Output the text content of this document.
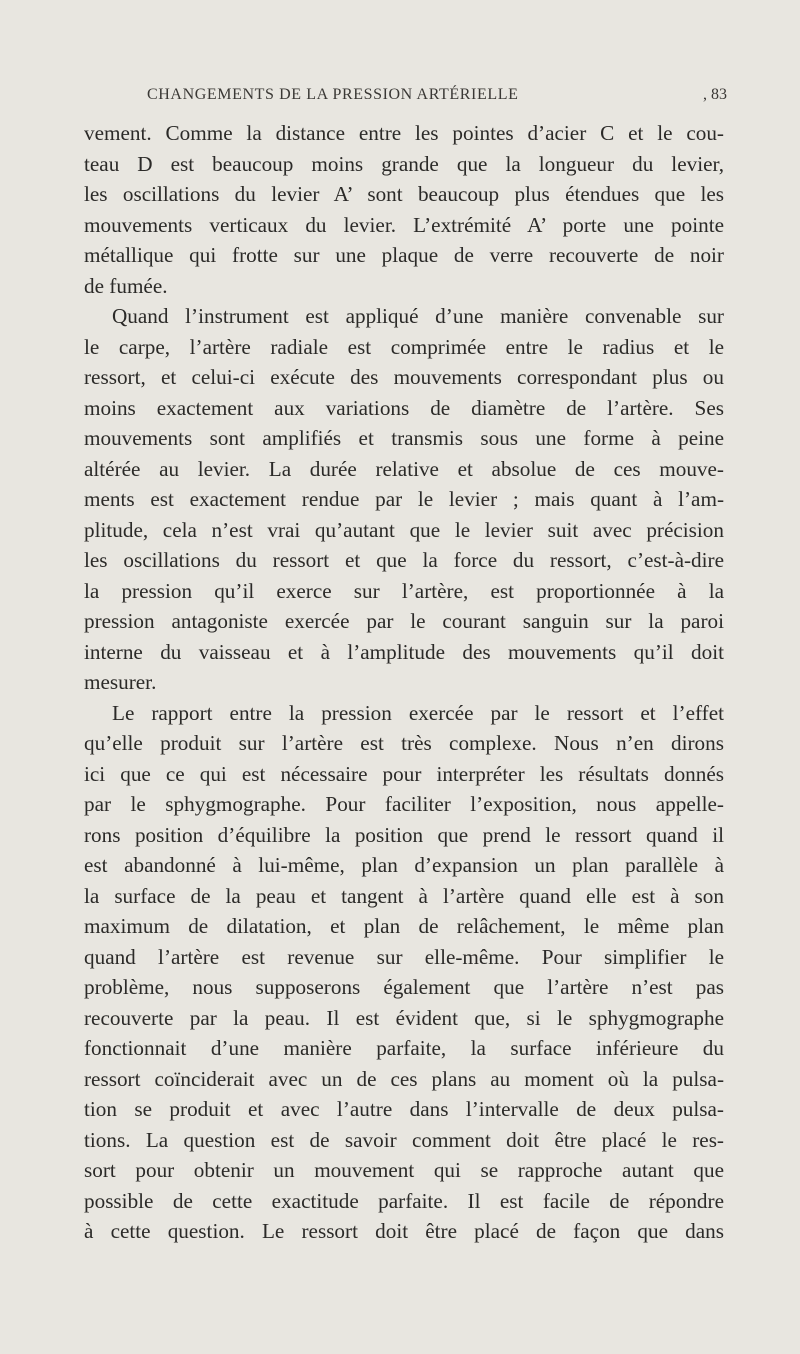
CHANGEMENTS DE LA PRESSION ARTÉRIELLE	, 83
vement. Comme la distance entre les pointes d’acier C et le cou-
teau D est beaucoup moins grande que la longueur du levier,
les oscillations du levier A’ sont beaucoup plus étendues que les
mouvements verticaux du levier. L’extrémité A’ porte une pointe
métallique qui frotte sur une plaque de verre recouverte de noir
de fumée.
Quand l’instrument est appliqué d’une manière convenable sur
le carpe, l’artère radiale est comprimée entre le radius et le
ressort, et celui-ci exécute des mouvements correspondant plus ou
moins exactement aux variations de diamètre de l’artère. Ses
mouvements sont amplifiés et transmis sous une forme à peine
altérée au levier. La durée relative et absolue de ces mouve-
ments est exactement rendue par le levier ; mais quant à l’am-
plitude, cela n’est vrai qu’autant que le levier suit avec précision
les oscillations du ressort et que la force du ressort, c’est-à-dire
la pression qu’il exerce sur l’artère, est proportionnée à la
pression antagoniste exercée par le courant sanguin sur la paroi
interne du vaisseau et à l’amplitude des mouvements qu’il doit
mesurer.
Le rapport entre la pression exercée par le ressort et l’effet
qu’elle produit sur l’artère est très complexe. Nous n’en dirons
ici que ce qui est nécessaire pour interpréter les résultats donnés
par le sphygmographe. Pour faciliter l’exposition, nous appelle-
rons position d’équilibre la position que prend le ressort quand il
est abandonné à lui-même, plan d’expansion un plan parallèle à
la surface de la peau et tangent à l’artère quand elle est à son
maximum de dilatation, et plan de relâchement, le même plan
quand l’artère est revenue sur elle-même. Pour simplifier le
problème, nous supposerons également que l’artère n’est pas
recouverte par la peau. Il est évident que, si le sphygmographe
fonctionnait d’une manière parfaite, la surface inférieure du
ressort coïnciderait avec un de ces plans au moment où la pulsa-
tion se produit et avec l’autre dans l’intervalle de deux pulsa-
tions. La question est de savoir comment doit être placé le res-
sort pour obtenir un mouvement qui se rapproche autant que
possible de cette exactitude parfaite. Il est facile de répondre
à cette question. Le ressort doit être placé de façon que dans
